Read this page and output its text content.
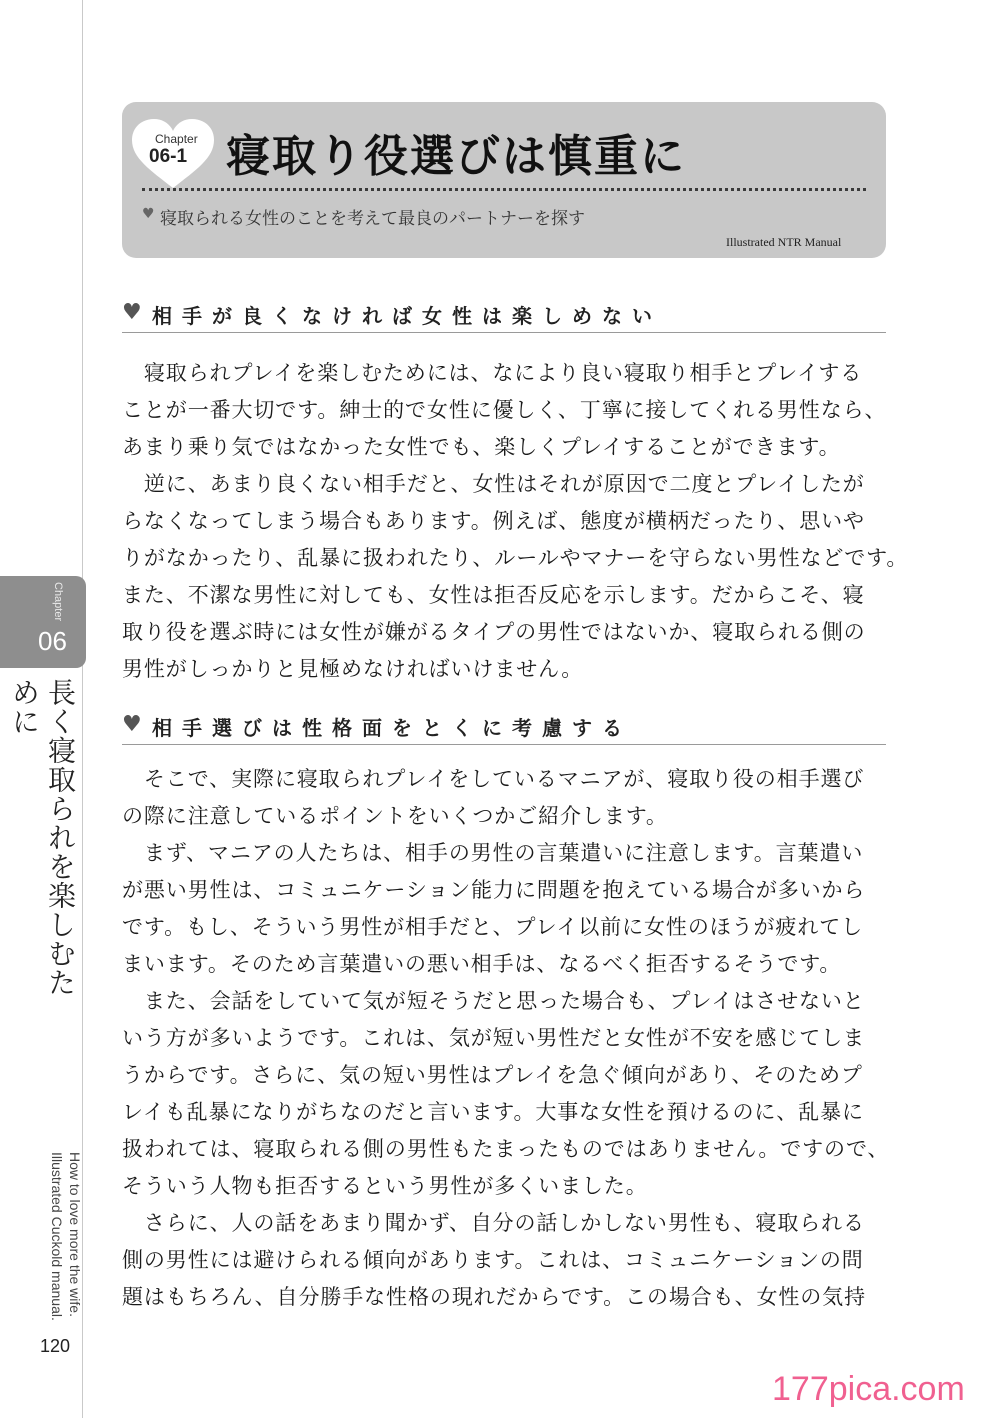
Chapter
06
長く寝取られを楽しむために
How to love more the wife.
Illustrated Cuckold manual.
120
Chapter
06-1 寝取り役選びは慎重に
♥ 寝取られる女性のことを考えて最良のパートナーを探す
Illustrated NTR Manual
♥ 相手が良くなければ女性は楽しめない
　寝取られプレイを楽しむためには、なにより良い寝取り相手とプレイする
ことが一番大切です。紳士的で女性に優しく、丁寧に接してくれる男性なら、
あまり乗り気ではなかった女性でも、楽しくプレイすることができます。
　逆に、あまり良くない相手だと、女性はそれが原因で二度とプレイしたが
らなくなってしまう場合もあります。例えば、態度が横柄だったり、思いや
りがなかったり、乱暴に扱われたり、ルールやマナーを守らない男性などです。
また、不潔な男性に対しても、女性は拒否反応を示します。だからこそ、寝
取り役を選ぶ時には女性が嫌がるタイプの男性ではないか、寝取られる側の
男性がしっかりと見極めなければいけません。
♥ 相手選びは性格面をとくに考慮する
　そこで、実際に寝取られプレイをしているマニアが、寝取り役の相手選び
の際に注意しているポイントをいくつかご紹介します。
　まず、マニアの人たちは、相手の男性の言葉遣いに注意します。言葉遣い
が悪い男性は、コミュニケーション能力に問題を抱えている場合が多いから
です。もし、そういう男性が相手だと、プレイ以前に女性のほうが疲れてし
まいます。そのため言葉遣いの悪い相手は、なるべく拒否するそうです。
　また、会話をしていて気が短そうだと思った場合も、プレイはさせないと
いう方が多いようです。これは、気が短い男性だと女性が不安を感じてしま
うからです。さらに、気の短い男性はプレイを急ぐ傾向があり、そのためプ
レイも乱暴になりがちなのだと言います。大事な女性を預けるのに、乱暴に
扱われては、寝取られる側の男性もたまったものではありません。ですので、
そういう人物も拒否するという男性が多くいました。
　さらに、人の話をあまり聞かず、自分の話しかしない男性も、寝取られる
側の男性には避けられる傾向があります。これは、コミュニケーションの問
題はもちろん、自分勝手な性格の現れだからです。この場合も、女性の気持
177pica.com
